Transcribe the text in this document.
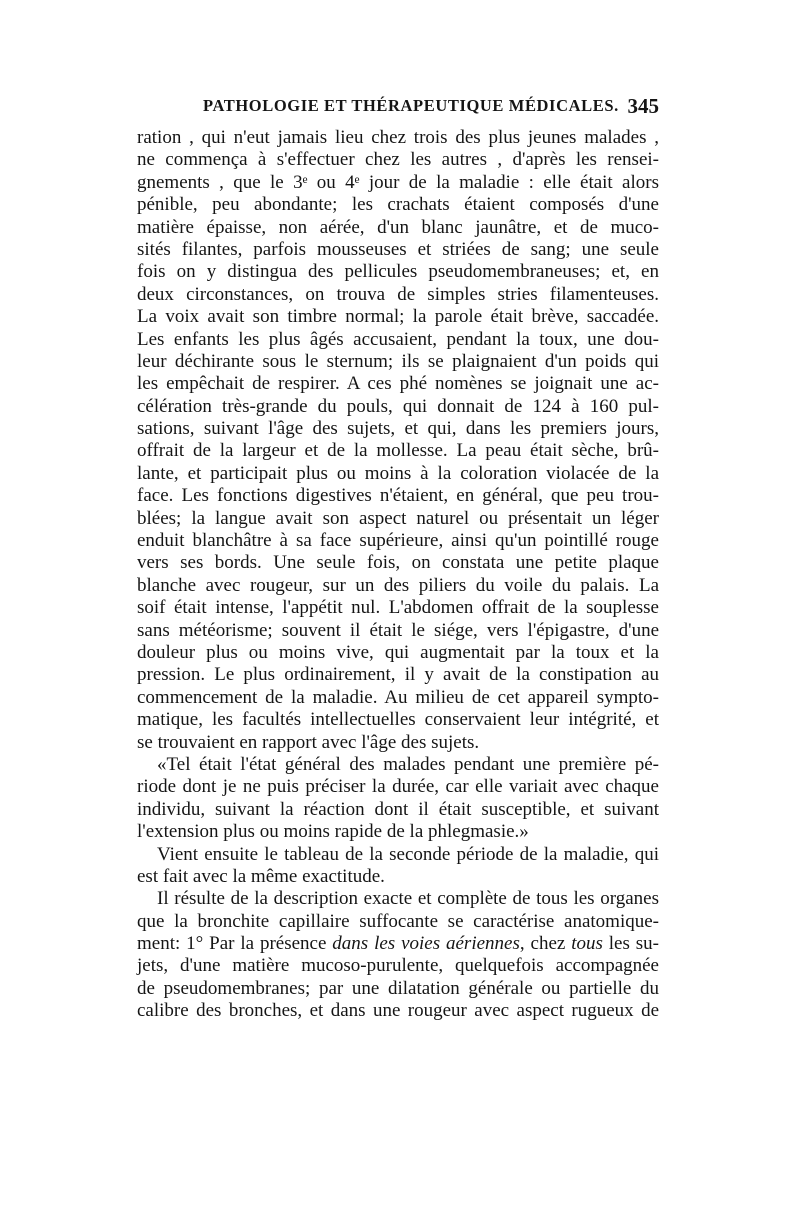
PATHOLOGIE ET THÉRAPEUTIQUE MÉDICALES. 345
ration , qui n'eut jamais lieu chez trois des plus jeunes malades ,
ne commença à s'effectuer chez les autres , d'après les rensei-
gnements , que le 3ᵉ ou 4ᵉ jour de la maladie : elle était alors
pénible, peu abondante; les crachats étaient composés d'une
matière épaisse, non aérée, d'un blanc jaunâtre, et de muco-
sités filantes, parfois mousseuses et striées de sang; une seule
fois on y distingua des pellicules pseudomembraneuses; et, en
deux circonstances, on trouva de simples stries filamenteuses.
La voix avait son timbre normal; la parole était brève, saccadée.
Les enfants les plus âgés accusaient, pendant la toux, une dou-
leur déchirante sous le sternum; ils se plaignaient d'un poids qui
les empêchait de respirer. A ces phé nomènes se joignait une ac-
célération très-grande du pouls, qui donnait de 124 à 160 pul-
sations, suivant l'âge des sujets, et qui, dans les premiers jours,
offrait de la largeur et de la mollesse. La peau était sèche, brû-
lante, et participait plus ou moins à la coloration violacée de la
face. Les fonctions digestives n'étaient, en général, que peu trou-
blées; la langue avait son aspect naturel ou présentait un léger
enduit blanchâtre à sa face supérieure, ainsi qu'un pointillé rouge
vers ses bords. Une seule fois, on constata une petite plaque
blanche avec rougeur, sur un des piliers du voile du palais. La
soif était intense, l'appétit nul. L'abdomen offrait de la souplesse
sans météorisme; souvent il était le siége, vers l'épigastre, d'une
douleur plus ou moins vive, qui augmentait par la toux et la
pression. Le plus ordinairement, il y avait de la constipation au
commencement de la maladie. Au milieu de cet appareil sympto-
matique, les facultés intellectuelles conservaient leur intégrité, et
se trouvaient en rapport avec l'âge des sujets.
«Tel était l'état général des malades pendant une première pé-
riode dont je ne puis préciser la durée, car elle variait avec chaque
individu, suivant la réaction dont il était susceptible, et suivant
l'extension plus ou moins rapide de la phlegmasie.»
Vient ensuite le tableau de la seconde période de la maladie, qui
est fait avec la même exactitude.
Il résulte de la description exacte et complète de tous les organes
que la bronchite capillaire suffocante se caractérise anatomique-
ment: 1° Par la présence dans les voies aériennes, chez tous les su-
jets, d'une matière mucoso-purulente, quelquefois accompagnée
de pseudomembranes; par une dilatation générale ou partielle du
calibre des bronches, et dans une rougeur avec aspect rugueux de
